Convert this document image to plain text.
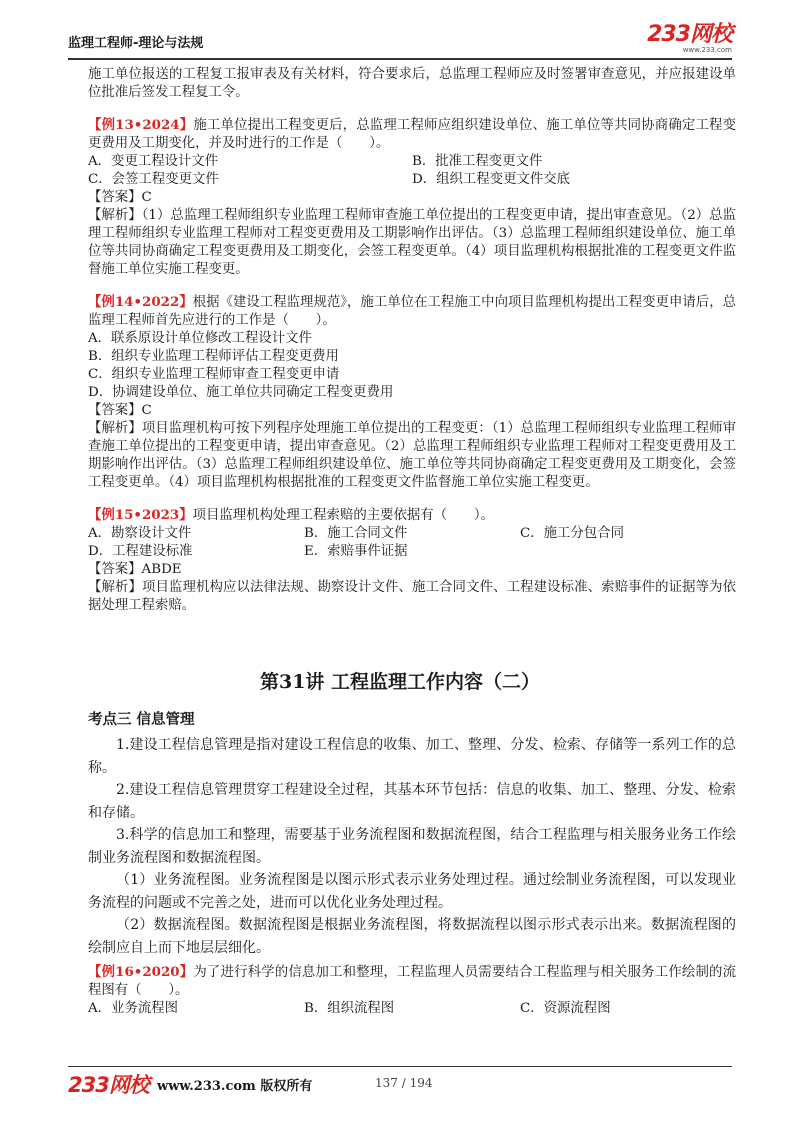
监理工程师-理论与法规	233网校
www.233.com

施工单位报送的工程复工报审表及有关材料，符合要求后，总监理工程师应及时签署审查意见，并应报建设单位批准后签发工程复工令。

【例13•2024】施工单位提出工程变更后，总监理工程师应组织建设单位、施工单位等共同协商确定工程变更费用及工期变化，并及时进行的工作是（　　）。

A．变更工程设计文件	B．批准工程变更文件
C．会签工程变更文件	D．组织工程变更文件交底

【答案】C

【解析】（1）总监理工程师组织专业监理工程师审查施工单位提出的工程变更申请，提出审查意见。（2）总监理工程师组织专业监理工程师对工程变更费用及工期影响作出评估。（3）总监理工程师组织建设单位、施工单位等共同协商确定工程变更费用及工期变化，会签工程变更单。（4）项目监理机构根据批准的工程变更文件监督施工单位实施工程变更。

【例14•2022】根据《建设工程监理规范》，施工单位在工程施工中向项目监理机构提出工程变更申请后，总监理工程师首先应进行的工作是（　　）。

A．联系原设计单位修改工程设计文件
B．组织专业监理工程师评估工程变更费用
C．组织专业监理工程师审查工程变更申请
D．协调建设单位、施工单位共同确定工程变更费用

【答案】C

【解析】项目监理机构可按下列程序处理施工单位提出的工程变更：（1）总监理工程师组织专业监理工程师审查施工单位提出的工程变更申请，提出审查意见。（2）总监理工程师组织专业监理工程师对工程变更费用及工期影响作出评估。（3）总监理工程师组织建设单位、施工单位等共同协商确定工程变更费用及工期变化，会签工程变更单。（4）项目监理机构根据批准的工程变更文件监督施工单位实施工程变更。

【例15•2023】项目监理机构处理工程索赔的主要依据有（　　）。

A．勘察设计文件	B．施工合同文件	C．施工分包合同
D．工程建设标准	E．索赔事件证据

【答案】ABDE

【解析】项目监理机构应以法律法规、勘察设计文件、施工合同文件、工程建设标准、索赔事件的证据等为依据处理工程索赔。

第31讲 工程监理工作内容（二）
考点三 信息管理

1.建设工程信息管理是指对建设工程信息的收集、加工、整理、分发、检索、存储等一系列工作的总称。

2.建设工程信息管理贯穿工程建设全过程，其基本环节包括：信息的收集、加工、整理、分发、检索和存储。

3.科学的信息加工和整理，需要基于业务流程图和数据流程图，结合工程监理与相关服务业务工作绘制业务流程图和数据流程图。

（1）业务流程图。业务流程图是以图示形式表示业务处理过程。通过绘制业务流程图，可以发现业务流程的问题或不完善之处，进而可以优化业务处理过程。

（2）数据流程图。数据流程图是根据业务流程图，将数据流程以图示形式表示出来。数据流程图的绘制应自上而下地层层细化。

【例16•2020】为了进行科学的信息加工和整理，工程监理人员需要结合工程监理与相关服务工作绘制的流程图有（　　）。

A．业务流程图	B．组织流程图	C．资源流程图
233网校 www.233.com 版权所有	137 / 194
